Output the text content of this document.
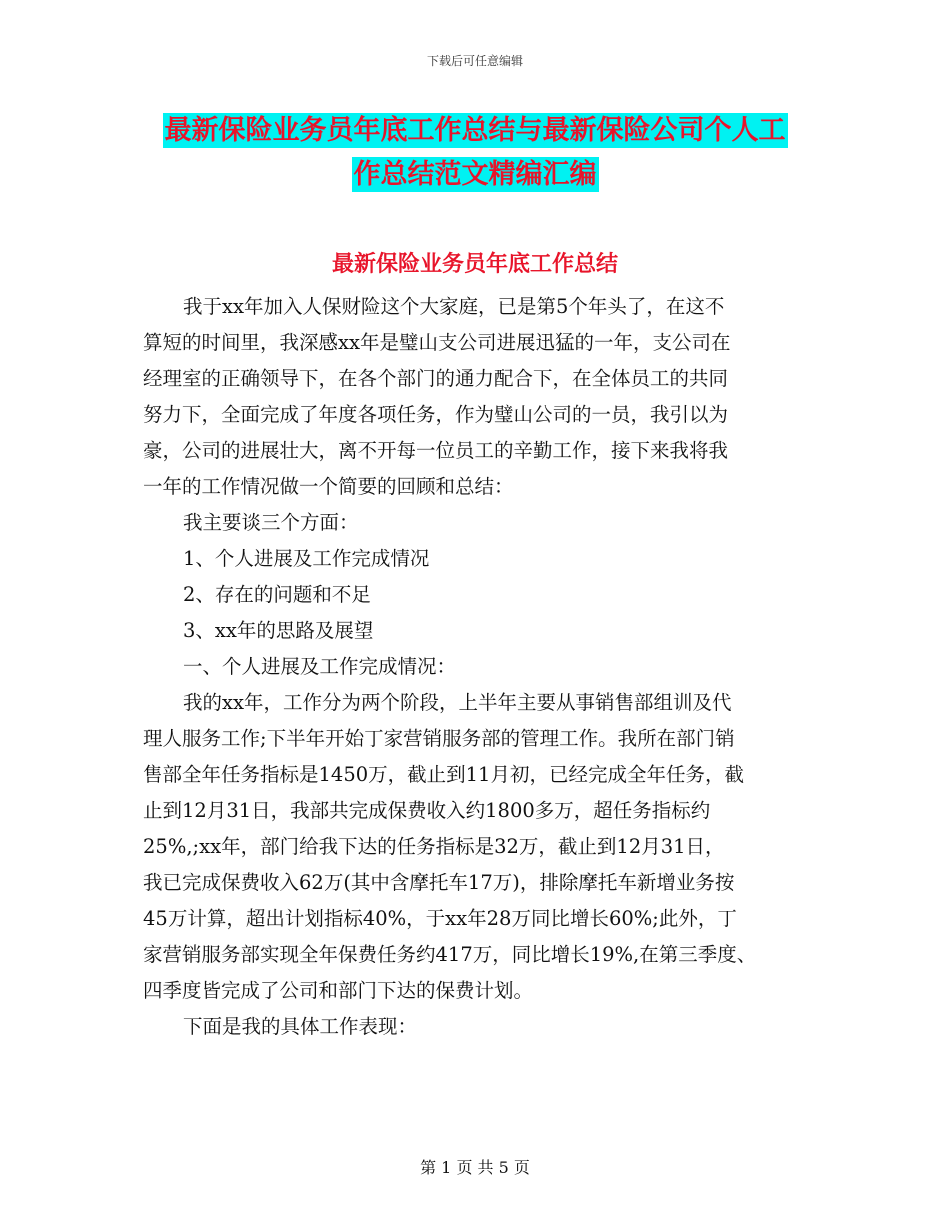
下载后可任意编辑
最新保险业务员年底工作总结与最新保险公司个人工
作总结范文精编汇编
最新保险业务员年底工作总结
我于xx年加入人保财险这个大家庭，已是第5个年头了，在这不
算短的时间里，我深感xx年是璧山支公司进展迅猛的一年，支公司在
经理室的正确领导下，在各个部门的通力配合下，在全体员工的共同
努力下，全面完成了年度各项任务，作为璧山公司的一员，我引以为
豪，公司的进展壮大，离不开每一位员工的辛勤工作，接下来我将我
一年的工作情况做一个简要的回顾和总结：
我主要谈三个方面：
1、个人进展及工作完成情况
2、存在的问题和不足
3、xx年的思路及展望
一、个人进展及工作完成情况：
我的xx年，工作分为两个阶段，上半年主要从事销售部组训及代
理人服务工作;下半年开始丁家营销服务部的管理工作。我所在部门销
售部全年任务指标是1450万，截止到11月初，已经完成全年任务，截
止到12月31日，我部共完成保费收入约1800多万，超任务指标约
25%,;xx年，部门给我下达的任务指标是32万，截止到12月31日，
我已完成保费收入62万(其中含摩托车17万)，排除摩托车新增业务按
45万计算，超出计划指标40%，于xx年28万同比增长60%;此外，丁
家营销服务部实现全年保费任务约417万，同比增长19%,在第三季度、
四季度皆完成了公司和部门下达的保费计划。
下面是我的具体工作表现：
第 1 页 共 5 页
